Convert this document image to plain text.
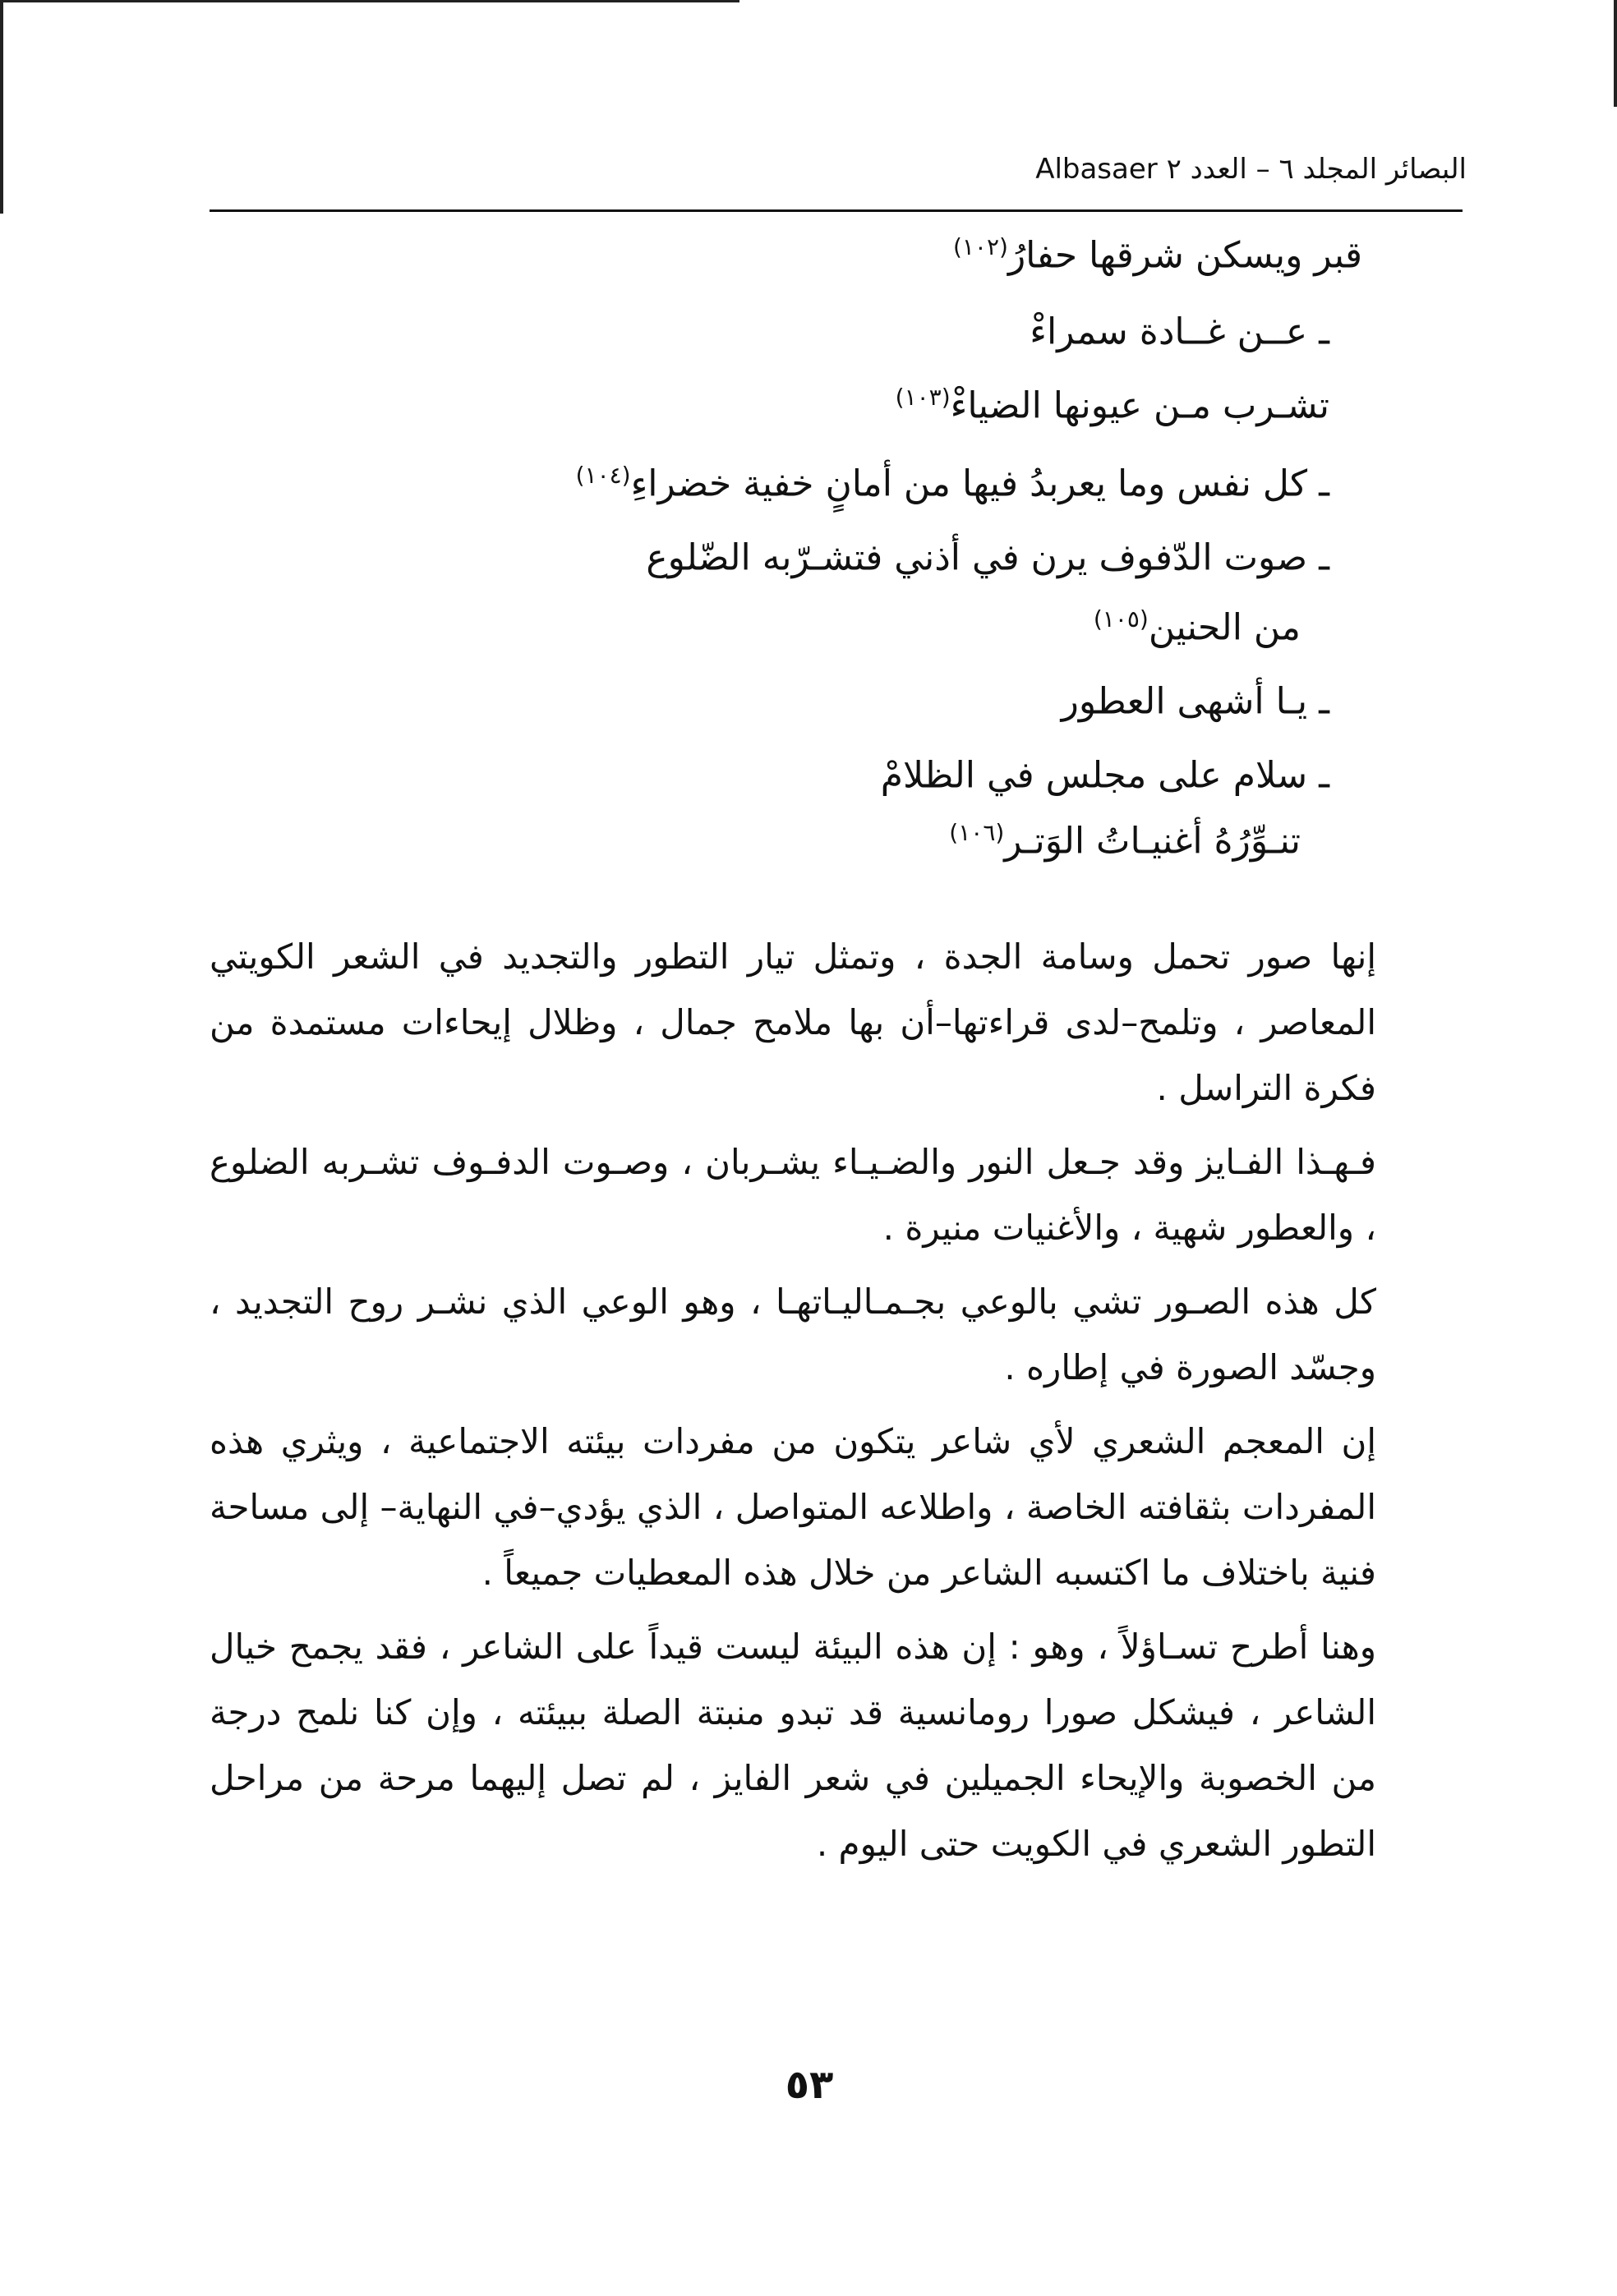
البصائر المجلد ٦ – العدد ٢ Albasaer
قبر ويسكن شرقها حفارُ$^{(١٠٢)}$
ـ عــن غــادة سمراءْ
تشـرب مـن عيونها الضياءْ$^{(١٠٣)}$
ـ كل نفس وما يعربدُ فيها من أمانٍ خفية خضراءِ$^{(١٠٤)}$
ـ صوت الدّفوف يرن في أذني فتشـرّبه الضّلوع
من الحنين$^{(١٠٥)}$
ـ يـا أشهى العطور
ـ سلام على مجلس في الظلامْ
تنـوِّرُهُ أغنيـاتُ الوَتـر$^{(١٠٦)}$

إنها صور تحمل وسامة الجدة ، وتمثل تيار التطور والتجديد في الشعر الكويتي المعاصر ، وتلمح–لدى قراءتها–أن بها ملامح جمال ، وظلال إيحاءات مستمدة من فكرة التراسل .

فـهـذا الفـايز وقد جـعل النور والضـيـاء يشـربان ، وصـوت الدفـوف تشـربه الضلوع ، والعطور شهية ، والأغنيات منيرة .

كل هذه الصـور تشي بالوعي بجـمـاليـاتهـا ، وهو الوعي الذي نشـر روح التجديد ، وجسّد الصورة في إطاره .

إن المعجم الشعري لأي شاعر يتكون من مفردات بيئته الاجتماعية ، ويثري هذه المفردات بثقافته الخاصة ، واطلاعه المتواصل ، الذي يؤدي–في النهاية– إلى مساحة فنية باختلاف ما اكتسبه الشاعر من خلال هذه المعطيات جميعاً .

وهنا أطرح تسـاؤلاً ، وهو : إن هذه البيئة ليست قيداً على الشاعر ، فقد يجمح خيال الشاعر ، فيشكل صورا رومانسية قد تبدو منبتة الصلة ببيئته ، وإن كنا نلمح درجة من الخصوبة والإيحاء الجميلين في شعر الفايز ، لم تصل إليهما مرحة من مراحل التطور الشعري في الكويت حتى اليوم .

٥٣
